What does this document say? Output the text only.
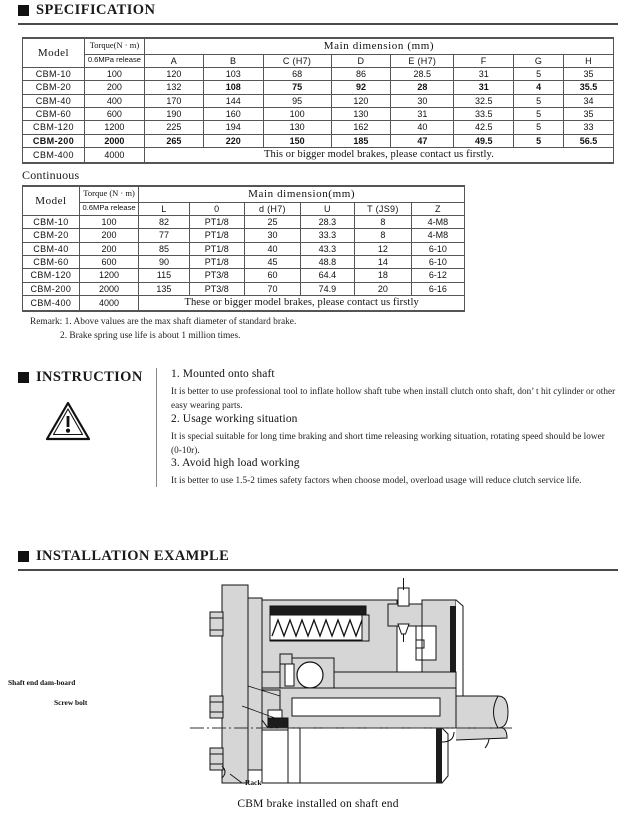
SPECIFICATION
Model	Torque(N · m)	Main dimension (mm)							
	0.6MPa release	A	B	C (H7)	D	E (H7)	F	G	H
CBM-10	100	120	103	68	86	28.5	31	5	35
CBM-20	200	132	108	75	92	28	31	4	35.5
CBM-40	400	170	144	95	120	30	32.5	5	34
CBM-60	600	190	160	100	130	31	33.5	5	35
CBM-120	1200	225	194	130	162	40	42.5	5	33
CBM-200	2000	265	220	150	185	47	49.5	5	56.5
CBM-400	4000	This or bigger model brakes, please contact us firstly.							
Continuous
Model	Torque (N · m)	Main dimension(mm)					
	0.6MPa release	L	0	d (H7)	U	T (JS9)	Z
CBM-10	100	82	PT1/8	25	28.3	8	4-M8
CBM-20	200	77	PT1/8	30	33.3	8	4-M8
CBM-40	200	85	PT1/8	40	43.3	12	6-10
CBM-60	600	90	PT1/8	45	48.8	14	6-10
CBM-120	1200	115	PT3/8	60	64.4	18	6-12
CBM-200	2000	135	PT3/8	70	74.9	20	6-16
CBM-400	4000	These or bigger model brakes, please contact us firstly					
Remark: 1. Above values are the max shaft diameter of standard brake.
2. Brake spring use life is about 1 million times.
INSTRUCTION 1. Mounted onto shaft

It is better to use professional tool to inflate hollow shaft tube when install clutch onto shaft, don’ t hit cylinder or other easy wearing parts.

2. Usage working situation

It is special suitable for long time braking and short time releasing working situation, rotating speed should be lower (0-10r).

3. Avoid high load working

It is better to use 1.5-2 times safety factors when choose model, overload usage will reduce clutch service life.

INSTALLATION EXAMPLE
Shaft end dam-board
Screw bolt
Rack
CBM brake installed on shaft end
